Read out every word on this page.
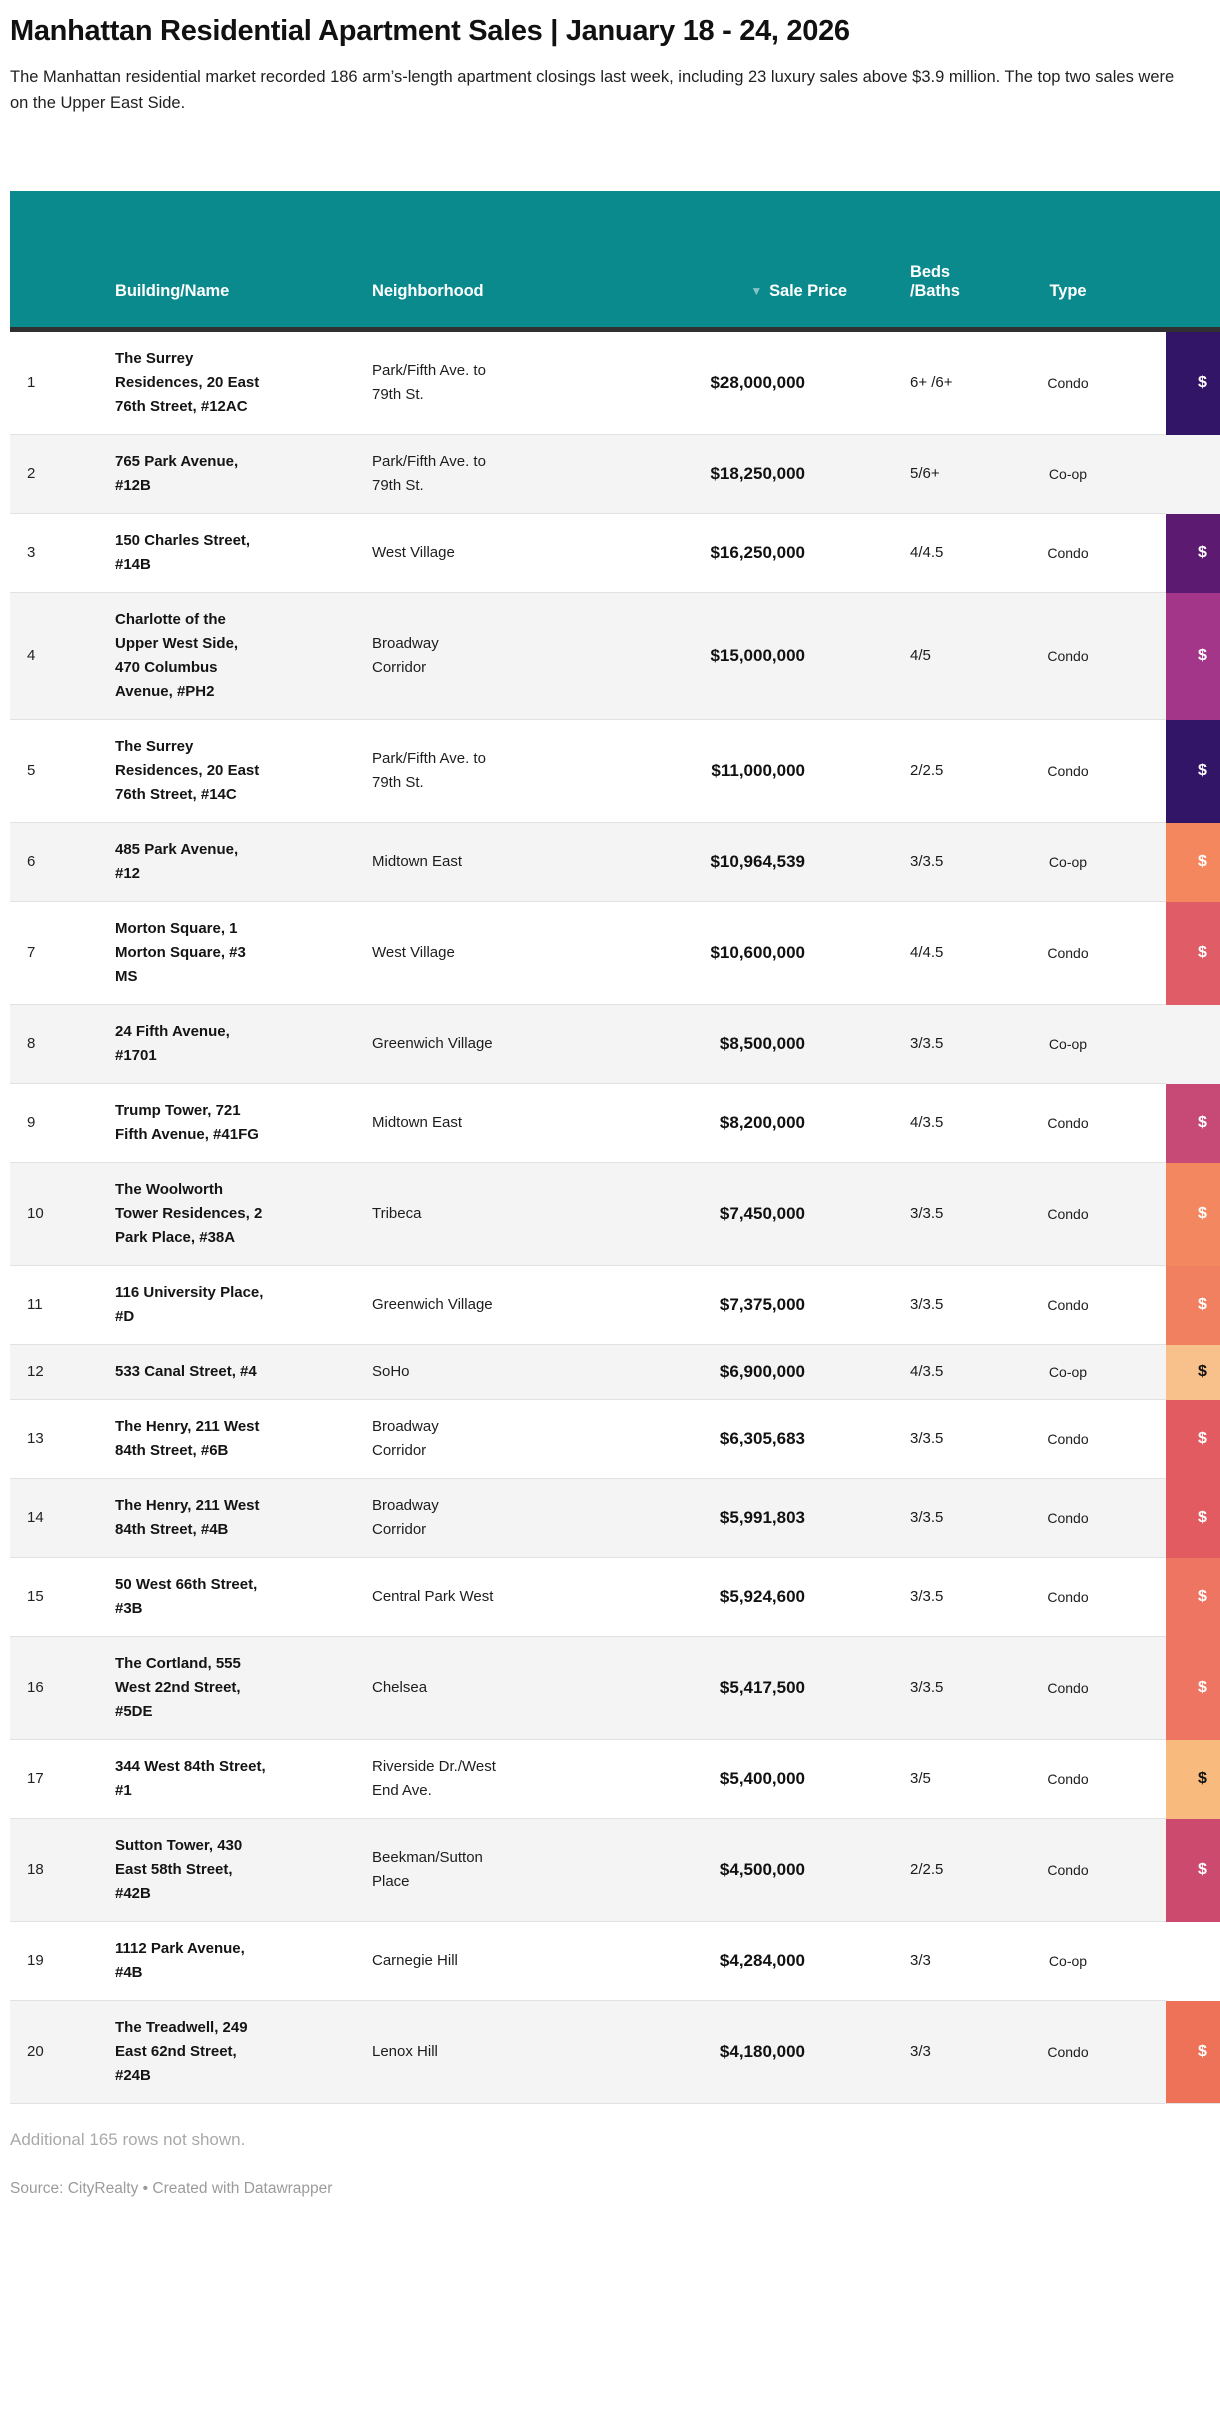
Manhattan Residential Apartment Sales | January 18 - 24, 2026

The Manhattan residential market recorded 186 arm’s-length apartment closings last week, including 23 luxury sales above $3.9 million. The top two sales were on the Upper East Side.

	Building/Name	Neighborhood	▼ Sale Price	Beds /Baths	Type	
1	The Surrey Residences, 20 East 76th Street, #12AC	Park/Fifth Ave. to 79th St.	$28,000,000	6+ /6+	Condo	$
2	765 Park Avenue, #12B	Park/Fifth Ave. to 79th St.	$18,250,000	5/6+	Co-op	
3	150 Charles Street, #14B	West Village	$16,250,000	4/4.5	Condo	$
4	Charlotte of the Upper West Side, 470 Columbus Avenue, #PH2	Broadway Corridor	$15,000,000	4/5	Condo	$
5	The Surrey Residences, 20 East 76th Street, #14C	Park/Fifth Ave. to 79th St.	$11,000,000	2/2.5	Condo	$
6	485 Park Avenue, #12	Midtown East	$10,964,539	3/3.5	Co-op	$
7	Morton Square, 1 Morton Square, #3 MS	West Village	$10,600,000	4/4.5	Condo	$
8	24 Fifth Avenue, #1701	Greenwich Village	$8,500,000	3/3.5	Co-op	
9	Trump Tower, 721 Fifth Avenue, #41FG	Midtown East	$8,200,000	4/3.5	Condo	$
10	The Woolworth Tower Residences, 2 Park Place, #38A	Tribeca	$7,450,000	3/3.5	Condo	$
11	116 University Place, #D	Greenwich Village	$7,375,000	3/3.5	Condo	$
12	533 Canal Street, #4	SoHo	$6,900,000	4/3.5	Co-op	$
13	The Henry, 211 West 84th Street, #6B	Broadway Corridor	$6,305,683	3/3.5	Condo	$
14	The Henry, 211 West 84th Street, #4B	Broadway Corridor	$5,991,803	3/3.5	Condo	$
15	50 West 66th Street, #3B	Central Park West	$5,924,600	3/3.5	Condo	$
16	The Cortland, 555 West 22nd Street, #5DE	Chelsea	$5,417,500	3/3.5	Condo	$
17	344 West 84th Street, #1	Riverside Dr./West End Ave.	$5,400,000	3/5	Condo	$
18	Sutton Tower, 430 East 58th Street, #42B	Beekman/Sutton Place	$4,500,000	2/2.5	Condo	$
19	1112 Park Avenue, #4B	Carnegie Hill	$4,284,000	3/3	Co-op	
20	The Treadwell, 249 East 62nd Street, #24B	Lenox Hill	$4,180,000	3/3	Condo	$

Additional 165 rows not shown.

Source: CityRealty • Created with Datawrapper
